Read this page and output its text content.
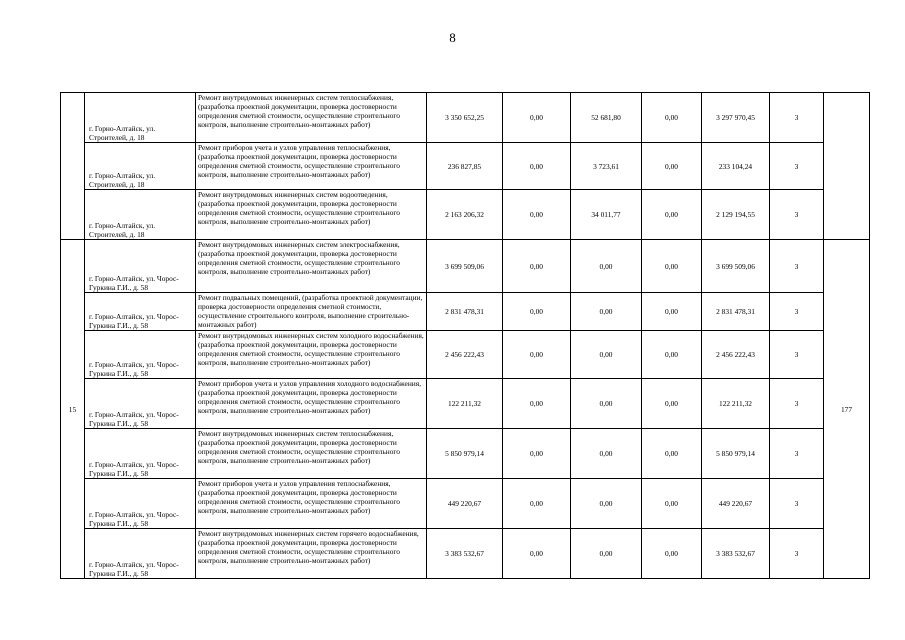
8
	г. Горно-Алтайск, ул. Строителей, д. 18	Ремонт внутридомовых инженерных систем теплоснабжения, (разработка проектной документации, проверка достоверности определения сметной стоимости, осуществление строительного контроля, выполнение строительно-монтажных работ)	3 350 652,25	0,00	52 681,80	0,00	3 297 970,45	3	
	г. Горно-Алтайск, ул. Строителей, д. 18	Ремонт приборов учета и узлов управления теплоснабжения, (разработка проектной документации, проверка достоверности определения сметной стоимости, осуществление строительного контроля, выполнение строительно-монтажных работ)	236 827,85	0,00	3 723,61	0,00	233 104,24	3	
	г. Горно-Алтайск, ул. Строителей, д. 18	Ремонт внутридомовых инженерных систем водоотведения, (разработка проектной документации, проверка достоверности определения сметной стоимости, осуществление строительного контроля, выполнение строительно-монтажных работ)	2 163 206,32	0,00	34 011,77	0,00	2 129 194,55	3	
15	г. Горно-Алтайск, ул. Чорос-Гуркина Г.И., д. 58	Ремонт внутридомовых инженерных систем электроснабжения, (разработка проектной документации, проверка достоверности определения сметной стоимости, осуществление строительного контроля, выполнение строительно-монтажных работ)	3 699 509,06	0,00	0,00	0,00	3 699 509,06	3	177
	г. Горно-Алтайск, ул. Чорос-Гуркина Г.И., д. 58	Ремонт подвальных помещений, (разработка проектной документации, проверка достоверности определения сметной стоимости, осуществление строительного контроля, выполнение строительно-монтажных работ)	2 831 478,31	0,00	0,00	0,00	2 831 478,31	3	
	г. Горно-Алтайск, ул. Чорос-Гуркина Г.И., д. 58	Ремонт внутридомовых инженерных систем холодного водоснабжения, (разработка проектной документации, проверка достоверности определения сметной стоимости, осуществление строительного контроля, выполнение строительно-монтажных работ)	2 456 222,43	0,00	0,00	0,00	2 456 222,43	3	
	г. Горно-Алтайск, ул. Чорос-Гуркина Г.И., д. 58	Ремонт приборов учета и узлов управления холодного водоснабжения, (разработка проектной документации, проверка достоверности определения сметной стоимости, осуществление строительного контроля, выполнение строительно-монтажных работ)	122 211,32	0,00	0,00	0,00	122 211,32	3	
	г. Горно-Алтайск, ул. Чорос-Гуркина Г.И., д. 58	Ремонт внутридомовых инженерных систем теплоснабжения, (разработка проектной документации, проверка достоверности определения сметной стоимости, осуществление строительного контроля, выполнение строительно-монтажных работ)	5 850 979,14	0,00	0,00	0,00	5 850 979,14	3	
	г. Горно-Алтайск, ул. Чорос-Гуркина Г.И., д. 58	Ремонт приборов учета и узлов управления теплоснабжения, (разработка проектной документации, проверка достоверности определения сметной стоимости, осуществление строительного контроля, выполнение строительно-монтажных работ)	449 220,67	0,00	0,00	0,00	449 220,67	3	
	г. Горно-Алтайск, ул. Чорос-Гуркина Г.И., д. 58	Ремонт внутридомовых инженерных систем горячего водоснабжения, (разработка проектной документации, проверка достоверности определения сметной стоимости, осуществление строительного контроля, выполнение строительно-монтажных работ)	3 383 532,67	0,00	0,00	0,00	3 383 532,67	3	
